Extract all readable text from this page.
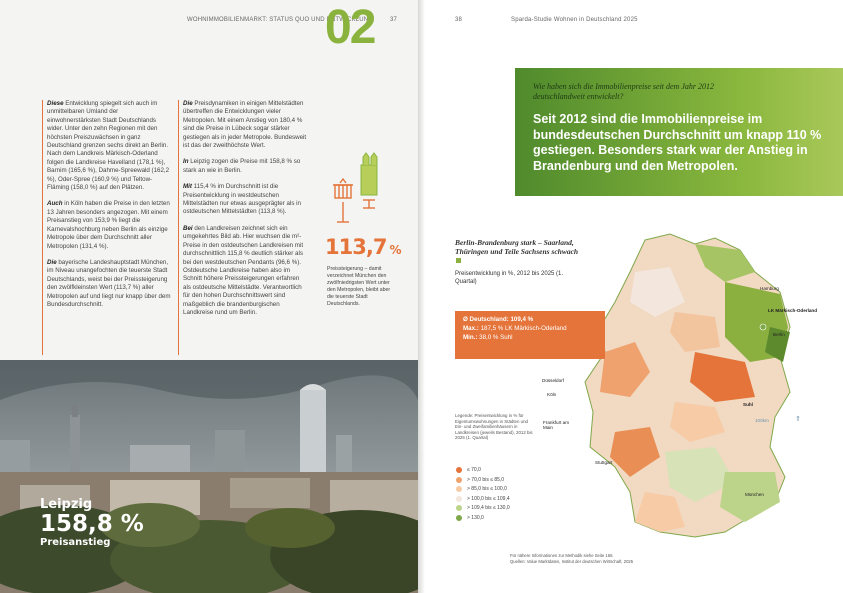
WOHNIMMOBILIENMARKT: STATUS QUO UND ENTWICKLUNG
02	37

Diese Entwicklung spiegelt sich auch im unmittelbaren Umland der einwohnerstärksten Stadt Deutschlands wider. Unter den zehn Regionen mit den höchsten Preiszuwächsen in ganz Deutschland grenzen sechs direkt an Berlin. Nach dem Landkreis Märkisch-Oderland folgen die Landkreise Havelland (178,1 %), Barnim (165,6 %), Dahme-Spreewald (162,2 %), Oder-Spree (160,9 %) und Teltow-Fläming (158,0 %) auf den Plätzen.

Auch in Köln haben die Preise in den letzten 13 Jahren besonders angezogen. Mit einem Preisanstieg von 153,9 % liegt die Karnevalshochburg neben Berlin als einzige Metropole über dem Durchschnitt aller Metropolen (131,4 %).

Die bayerische Landeshauptstadt München, im Niveau unangefochten die teuerste Stadt Deutschlands, weist bei der Preissteigerung den zwölfkleinsten Wert (113,7 %) aller Metropolen auf und liegt nur knapp über dem Bundesdurchschnitt.

Die Preisdynamiken in einigen Mittelstädten übertreffen die Entwicklungen vieler Metropolen. Mit einem Anstieg von 180,4 % sind die Preise in Lübeck sogar stärker gestiegen als in jeder Metropole. Bundesweit ist das der zweithöchste Wert.

In Leipzig zogen die Preise mit 158,8 % so stark an wie in Berlin.

Mit 115,4 % im Durchschnitt ist die Preisentwicklung in westdeutschen Mittelstädten nur etwas ausgeprägter als in ostdeutschen Mittelstädten (113,8 %).

Bei den Landkreisen zeichnet sich ein umgekehrtes Bild ab. Hier wuchsen die m²-Preise in den ostdeutschen Landkreisen mit durchschnittlich 115,8 % deutlich stärker als bei den westdeutschen Pendants (96,6 %). Ostdeutsche Landkreise haben also im Schnitt höhere Preissteigerungen erfahren als ostdeutsche Mittelstädte. Verantwortlich für den hohen Durchschnittswert sind maßgeblich die brandenburgischen Landkreise rund um Berlin.

113,7 %
Preissteigerung – damit verzeichnet München den zwölfniedrigsten Wert unter den Metropolen, bleibt aber die teuerste Stadt Deutschlands.
Leipzig
158,8 %
Preisanstieg
38	Sparda-Studie Wohnen in Deutschland 2025
Wie haben sich die Immobilienpreise seit dem Jahr 2012 deutschlandweit entwickelt?
Seit 2012 sind die Immobilienpreise im bundesdeutschen Durchschnitt um knapp 110 % gestiegen. Besonders stark war der Anstieg in Brandenburg und den Metropolen.
Hamburg
LK Märkisch-Oderland
Berlin
Düsseldorf
Köln
Suhl
Frankfurt am Main
Stuttgart
München
100km	⇑
Berlin-Brandenburg stark – Saarland, Thüringen und Teile Sachsens schwach
Preisentwicklung in %, 2012 bis 2025 (1. Quartal)
Ø Deutschland: 109,4 %
Max.: 187,5 % LK Märkisch-Oderland
Min.: 38,0 % Suhl
Legende: Preisentwicklung in % für Eigentumswohnungen in Städten und Ein- und Zweifamilienhäusern in Landkreisen (jeweils Bestand), 2012 bis 2025 (1. Quartal)
Für nähere Informationen zur Methodik siehe Seite 165.
Quellen: Value Marktdaten, Institut der deutschen Wirtschaft, 2025
≤ 70,0
> 70,0 bis ≤ 85,0
> 85,0 bis ≤ 100,0
> 100,0 bis ≤ 109,4
> 109,4 bis ≤ 130,0
> 130,0
